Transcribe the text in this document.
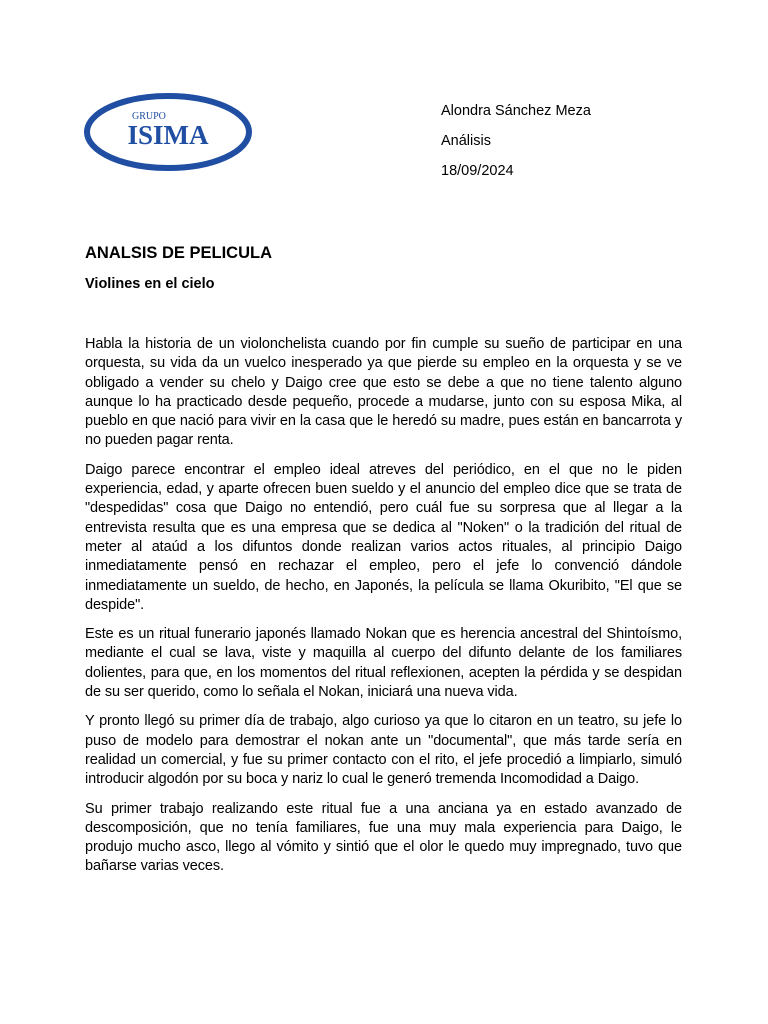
GRUPO
ISIMA
Alondra Sánchez Meza
Análisis
18/09/2024
ANALSIS DE PELICULA
Violines en el cielo

Habla la historia de un violonchelista cuando por fin cumple su sueño de participar en una orquesta, su vida da un vuelco inesperado ya que pierde su empleo en la orquesta y se ve obligado a vender su chelo y Daigo cree que esto se debe a que no tiene talento alguno aunque lo ha practicado desde pequeño, procede a mudarse, junto con su esposa Mika, al pueblo en que nació para vivir en la casa que le heredó su madre, pues están en bancarrota y no pueden pagar renta.

Daigo parece encontrar el empleo ideal atreves del periódico, en el que no le piden experiencia, edad, y aparte ofrecen buen sueldo y el anuncio del empleo dice que se trata de "despedidas" cosa que Daigo no entendió, pero cuál fue su sorpresa que al llegar a la entrevista resulta que es una empresa que se dedica al "Noken" o la tradición del ritual de meter al ataúd a los difuntos donde realizan varios actos rituales, al principio Daigo inmediatamente pensó en rechazar el empleo, pero el jefe lo convenció dándole inmediatamente un sueldo, de hecho, en Japonés, la película se llama Okuribito, "El que se despide".

Este es un ritual funerario japonés llamado Nokan que es herencia ancestral del Shintoísmo, mediante el cual se lava, viste y maquilla al cuerpo del difunto delante de los familiares dolientes, para que, en los momentos del ritual reflexionen, acepten la pérdida y se despidan de su ser querido, como lo señala el Nokan, iniciará una nueva vida.

Y pronto llegó su primer día de trabajo, algo curioso ya que lo citaron en un teatro, su jefe lo puso de modelo para demostrar el nokan ante un "documental", que más tarde sería en realidad un comercial, y fue su primer contacto con el rito, el jefe procedió a limpiarlo, simuló introducir algodón por su boca y nariz lo cual le generó tremenda Incomodidad a Daigo.

Su primer trabajo realizando este ritual fue a una anciana ya en estado avanzado de descomposición, que no tenía familiares, fue una muy mala experiencia para Daigo, le produjo mucho asco, llego al vómito y sintió que el olor le quedo muy impregnado, tuvo que bañarse varias veces.
